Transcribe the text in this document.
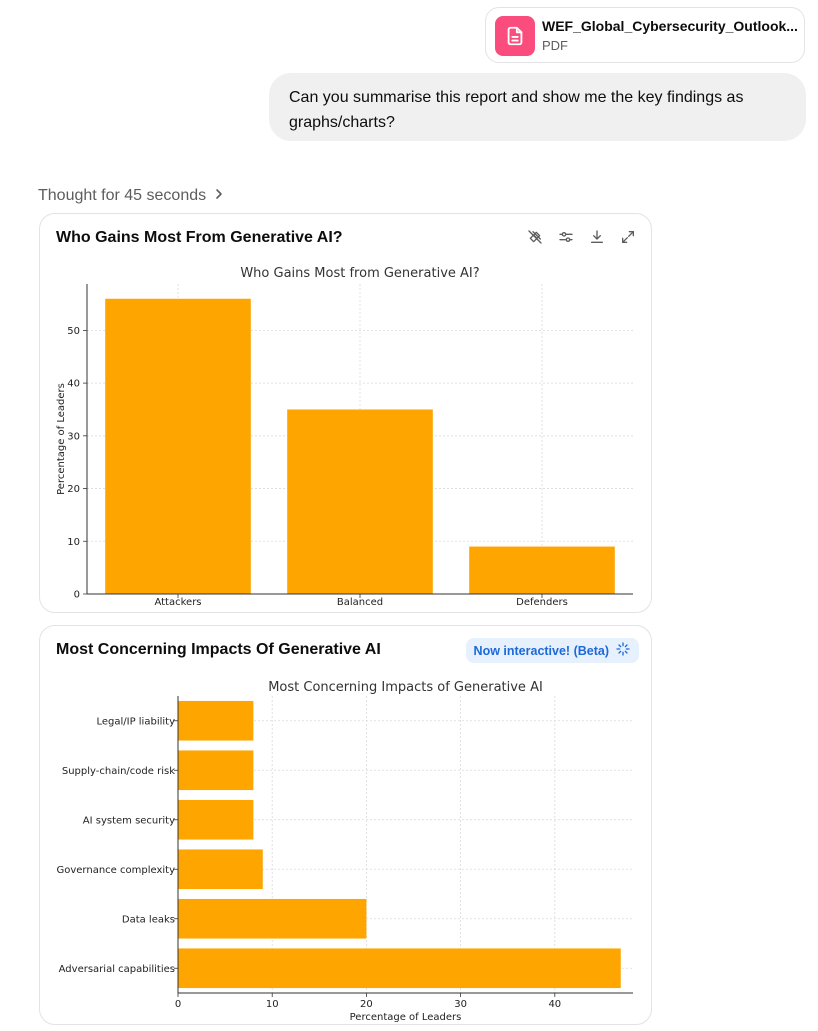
WEF_Global_Cybersecurity_Outlook...
PDF
Can you summarise this report and show me the key findings as graphs/charts?
Thought for 45 seconds
Who Gains Most From Generative AI?
Who Gains Most from Generative AI?
0
10
20
30
40
50
Attackers	Balanced	Defenders
Percentage of Leaders
Most Concerning Impacts Of Generative AI	Now interactive! (Beta)
Most Concerning Impacts of Generative AI
0	10	20	30	40
Adversarial capabilities
Data leaks
Governance complexity
AI system security
Supply-chain/code risk
Legal/IP liability
Percentage of Leaders
